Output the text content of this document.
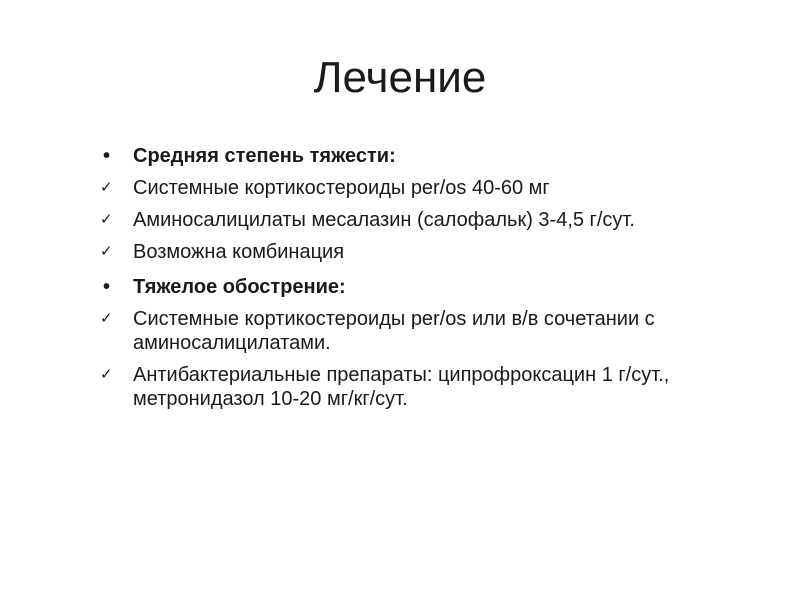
Лечение
•	Средняя степень тяжести:
✓	Системные кортикостероиды per/os 40-60 мг
✓	Аминосалицилаты месалазин (салофальк) 3-4,5 г/сут.
✓	Возможна комбинация
•	Тяжелое обострение:
✓	Системные кортикостероиды per/os или в/в сочетании с аминосалицилатами.
✓	Антибактериальные препараты: ципрофроксацин 1 г/сут., метронидазол 10-20 мг/кг/сут.
